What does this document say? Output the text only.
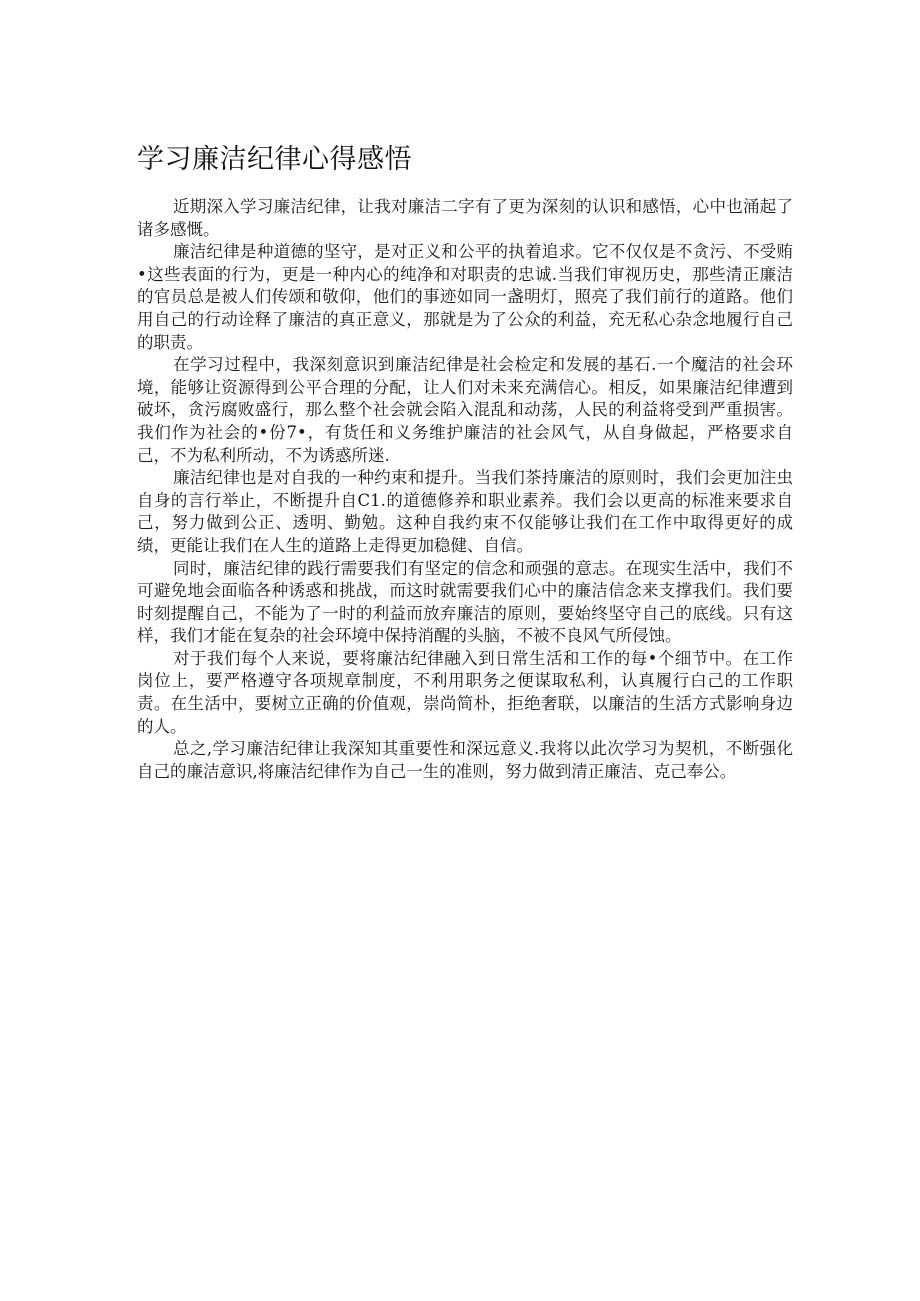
学习廉洁纪律心得感悟

近期深入学习廉洁纪律，让我对廉洁二字有了更为深刻的认识和感悟，心中也涌起了诸多感慨。

廉洁纪律是种道德的坚守，是对正义和公平的执着追求。它不仅仅是不贪污、不受贿•这些表面的行为，更是一种内心的纯净和对职责的忠诚.当我们审视历史，那些清正廉洁的官员总是被人们传颂和敬仰，他们的事迹如同一盏明灯，照亮了我们前行的道路。他们用自己的行动诠释了廉洁的真正意义，那就是为了公众的利益，充无私心杂念地履行自己的职责。

在学习过程中，我深刻意识到廉洁纪律是社会检定和发展的基石.一个魔洁的社会环境，能够让资源得到公平合理的分配，让人们对未来充满信心。相反，如果廉洁纪律遭到破坏，贪污腐败盛行，那么整个社会就会陷入混乱和动荡，人民的利益将受到严重损害。我们作为社会的•份7•，有货任和义务维护廉洁的社会风气，从自身做起，严格要求自己，不为私利所动，不为诱惑所迷.

廉洁纪律也是对自我的一种约束和提升。当我们茶持廉洁的原则时，我们会更加注虫自身的言行举止，不断提升自C1.的道德修养和职业素养。我们会以更高的标准来要求自己，努力做到公正、透明、勤勉。这种自我约束不仅能够让我们在工作中取得更好的成绩，更能让我们在人生的道路上走得更加稳健、自信。

同时，廉洁纪律的践行需要我们有坚定的信念和顽强的意志。在现实生活中，我们不可避免地会面临各种诱惑和挑战，而这时就需要我们心中的廉洁信念来支撑我们。我们要时刻提醒自己，不能为了一时的利益而放弃廉洁的原则，要始终坚守自己的底线。只有这样，我们才能在复杂的社会环境中保持消醒的头脑，不被不良风气所侵蚀。

对于我们每个人来说，要将廉沽纪律融入到日常生活和工作的每•个细节中。在工作岗位上，要严格遵守各项规章制度，不利用职务之便谋取私利，认真履行白己的工作职责。在生活中，要树立正确的价值观，崇尚简朴，拒绝奢联，以廉洁的生活方式影响身边的人。

总之,学习廉洁纪律让我深知其重要性和深远意义.我将以此次学习为契机，不断强化自己的廉洁意识,将廉洁纪律作为自己一生的准则，努力做到清正廉洁、克己奉公。
